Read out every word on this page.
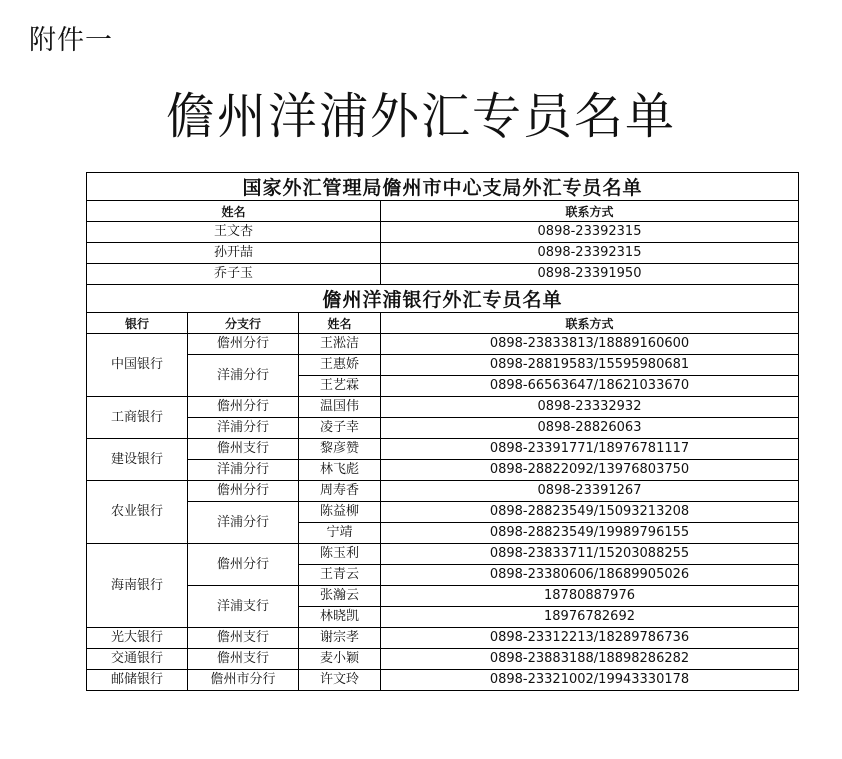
附件一
儋州洋浦外汇专员名单
国家外汇管理局儋州市中心支局外汇专员名单			
姓名			联系方式
王文杏			0898-23392315
孙开喆			0898-23392315
乔子玉			0898-23391950
儋州洋浦银行外汇专员名单			
银行	分支行	姓名	联系方式
中国银行	儋州分行	王淞洁	0898-23833813/18889160600
	洋浦分行	王惠娇	0898-28819583/15595980681
		王艺霖	0898-66563647/18621033670
工商银行	儋州分行	温国伟	0898-23332932
	洋浦分行	凌子幸	0898-28826063
建设银行	儋州支行	黎彦赞	0898-23391771/18976781117
	洋浦分行	林飞彪	0898-28822092/13976803750
农业银行	儋州分行	周寿香	0898-23391267
	洋浦分行	陈益柳	0898-28823549/15093213208
		宁靖	0898-28823549/19989796155
海南银行	儋州分行	陈玉利	0898-23833711/15203088255
		王青云	0898-23380606/18689905026
	洋浦支行	张瀚云	18780887976
		林晓凯	18976782692
光大银行	儋州支行	谢宗孝	0898-23312213/18289786736
交通银行	儋州支行	麦小颖	0898-23883188/18898286282
邮储银行	儋州市分行	许文玲	0898-23321002/19943330178
